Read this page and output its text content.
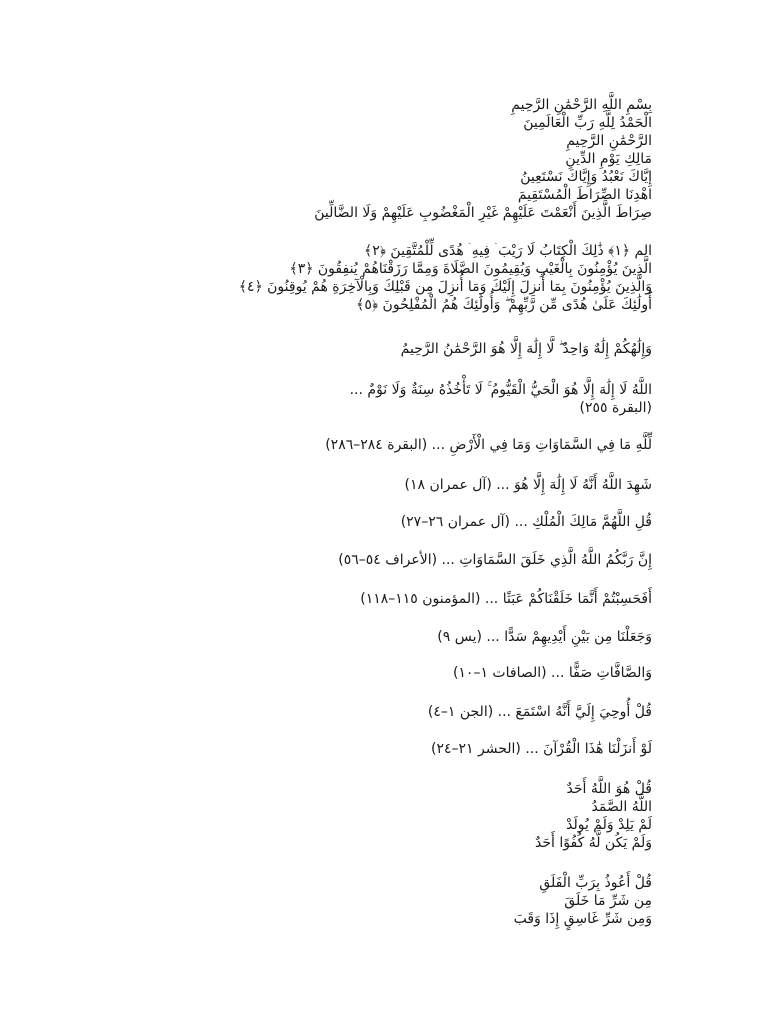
بِسْمِ اللَّهِ الرَّحْمَٰنِ الرَّحِيمِ
الْحَمْدُ لِلَّهِ رَبِّ الْعَالَمِينَ
الرَّحْمَٰنِ الرَّحِيمِ
مَالِكِ يَوْمِ الدِّينِ
إِيَّاكَ نَعْبُدُ وَإِيَّاكَ نَسْتَعِينُ
اهْدِنَا الصِّرَاطَ الْمُسْتَقِيمَ
صِرَاطَ الَّذِينَ أَنْعَمْتَ عَلَيْهِمْ غَيْرِ الْمَغْضُوبِ عَلَيْهِمْ وَلَا الضَّالِّينَ
الم ﴿١﴾ ذَٰلِكَ الْكِتَابُ لَا رَيْبَ ۛ فِيهِ ۛ هُدًى لِّلْمُتَّقِينَ ﴿٢﴾
الَّذِينَ يُؤْمِنُونَ بِالْغَيْبِ وَيُقِيمُونَ الصَّلَاةَ وَمِمَّا رَزَقْنَاهُمْ يُنفِقُونَ ﴿٣﴾
وَالَّذِينَ يُؤْمِنُونَ بِمَا أُنزِلَ إِلَيْكَ وَمَا أُنزِلَ مِن قَبْلِكَ وَبِالْآخِرَةِ هُمْ يُوقِنُونَ ﴿٤﴾
أُولَٰئِكَ عَلَىٰ هُدًى مِّن رَّبِّهِمْ ۖ وَأُولَٰئِكَ هُمُ الْمُفْلِحُونَ ﴿٥﴾
وَإِلَٰهُكُمْ إِلَٰهٌ وَاحِدٌ ۖ لَّا إِلَٰهَ إِلَّا هُوَ الرَّحْمَٰنُ الرَّحِيمُ
اللَّهُ لَا إِلَٰهَ إِلَّا هُوَ الْحَيُّ الْقَيُّومُ ۚ لَا تَأْخُذُهُ سِنَةٌ وَلَا نَوْمٌ ...
(البقرة ٢٥٥)
لِّلَّهِ مَا فِي السَّمَاوَاتِ وَمَا فِي الْأَرْضِ ... (البقرة ٢٨٤–٢٨٦)
شَهِدَ اللَّهُ أَنَّهُ لَا إِلَٰهَ إِلَّا هُوَ ... (آل عمران ١٨)
قُلِ اللَّهُمَّ مَالِكَ الْمُلْكِ ... (آل عمران ٢٦–٢٧)
إِنَّ رَبَّكُمُ اللَّهُ الَّذِي خَلَقَ السَّمَاوَاتِ ... (الأعراف ٥٤–٥٦)
أَفَحَسِبْتُمْ أَنَّمَا خَلَقْنَاكُمْ عَبَثًا ... (المؤمنون ١١٥–١١٨)
وَجَعَلْنَا مِن بَيْنِ أَيْدِيهِمْ سَدًّا ... (يس ٩)
وَالصَّافَّاتِ صَفًّا ... (الصافات ١–١٠)
قُلْ أُوحِيَ إِلَيَّ أَنَّهُ اسْتَمَعَ ... (الجن ١–٤)
لَوْ أَنزَلْنَا هَٰذَا الْقُرْآنَ ... (الحشر ٢١–٢٤)
قُلْ هُوَ اللَّهُ أَحَدٌ
اللَّهُ الصَّمَدُ
لَمْ يَلِدْ وَلَمْ يُولَدْ
وَلَمْ يَكُن لَّهُ كُفُوًا أَحَدٌ
قُلْ أَعُوذُ بِرَبِّ الْفَلَقِ
مِن شَرِّ مَا خَلَقَ
وَمِن شَرِّ غَاسِقٍ إِذَا وَقَبَ
